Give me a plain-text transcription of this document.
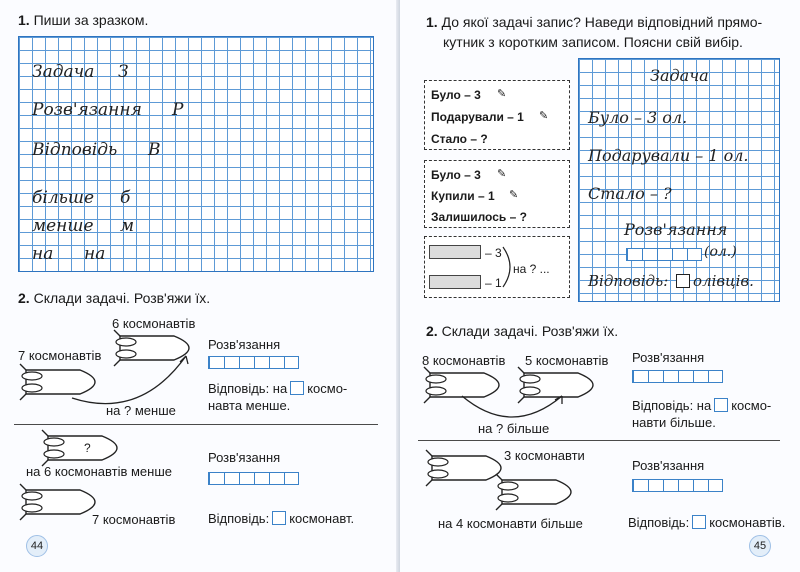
1. Пиши за зразком.
Задача З
Розв'язання Р
Відповідь В
більше б
менше м
на на
2. Склади задачі. Розв'яжи їх.
6 космонавтів
7 космонавтів
на ? менше
Розв'язання
Відповідь: на космо-
навта менше.
?
на 6 космонавтів менше
7 космонавтів
Розв'язання
Відповідь: космонавт.
44
1. До якої задачі запис? Наведи відповідний прямо-
кутник з коротким записом. Поясни свій вибір.
Було – 3 ✎
Подарували – 1 ✎
Стало – ?
Було – 3 ✎
Купили – 1 ✎
Залишилось – ?
– 3
– 1
на ? ...
Задача
Було – 3 ол.
Подарували – 1 ол.
Стало – ?
Розв'язання
(ол.)
Відповідь: олівців.
2. Склади задачі. Розв'яжи їх.
8 космонавтів 5 космонавтів
на ? більше
Розв'язання
Відповідь: на космо-
навти більше.
3 космонавти
на 4 космонавти більше
Розв'язання
Відповідь: космонавтів.
45
